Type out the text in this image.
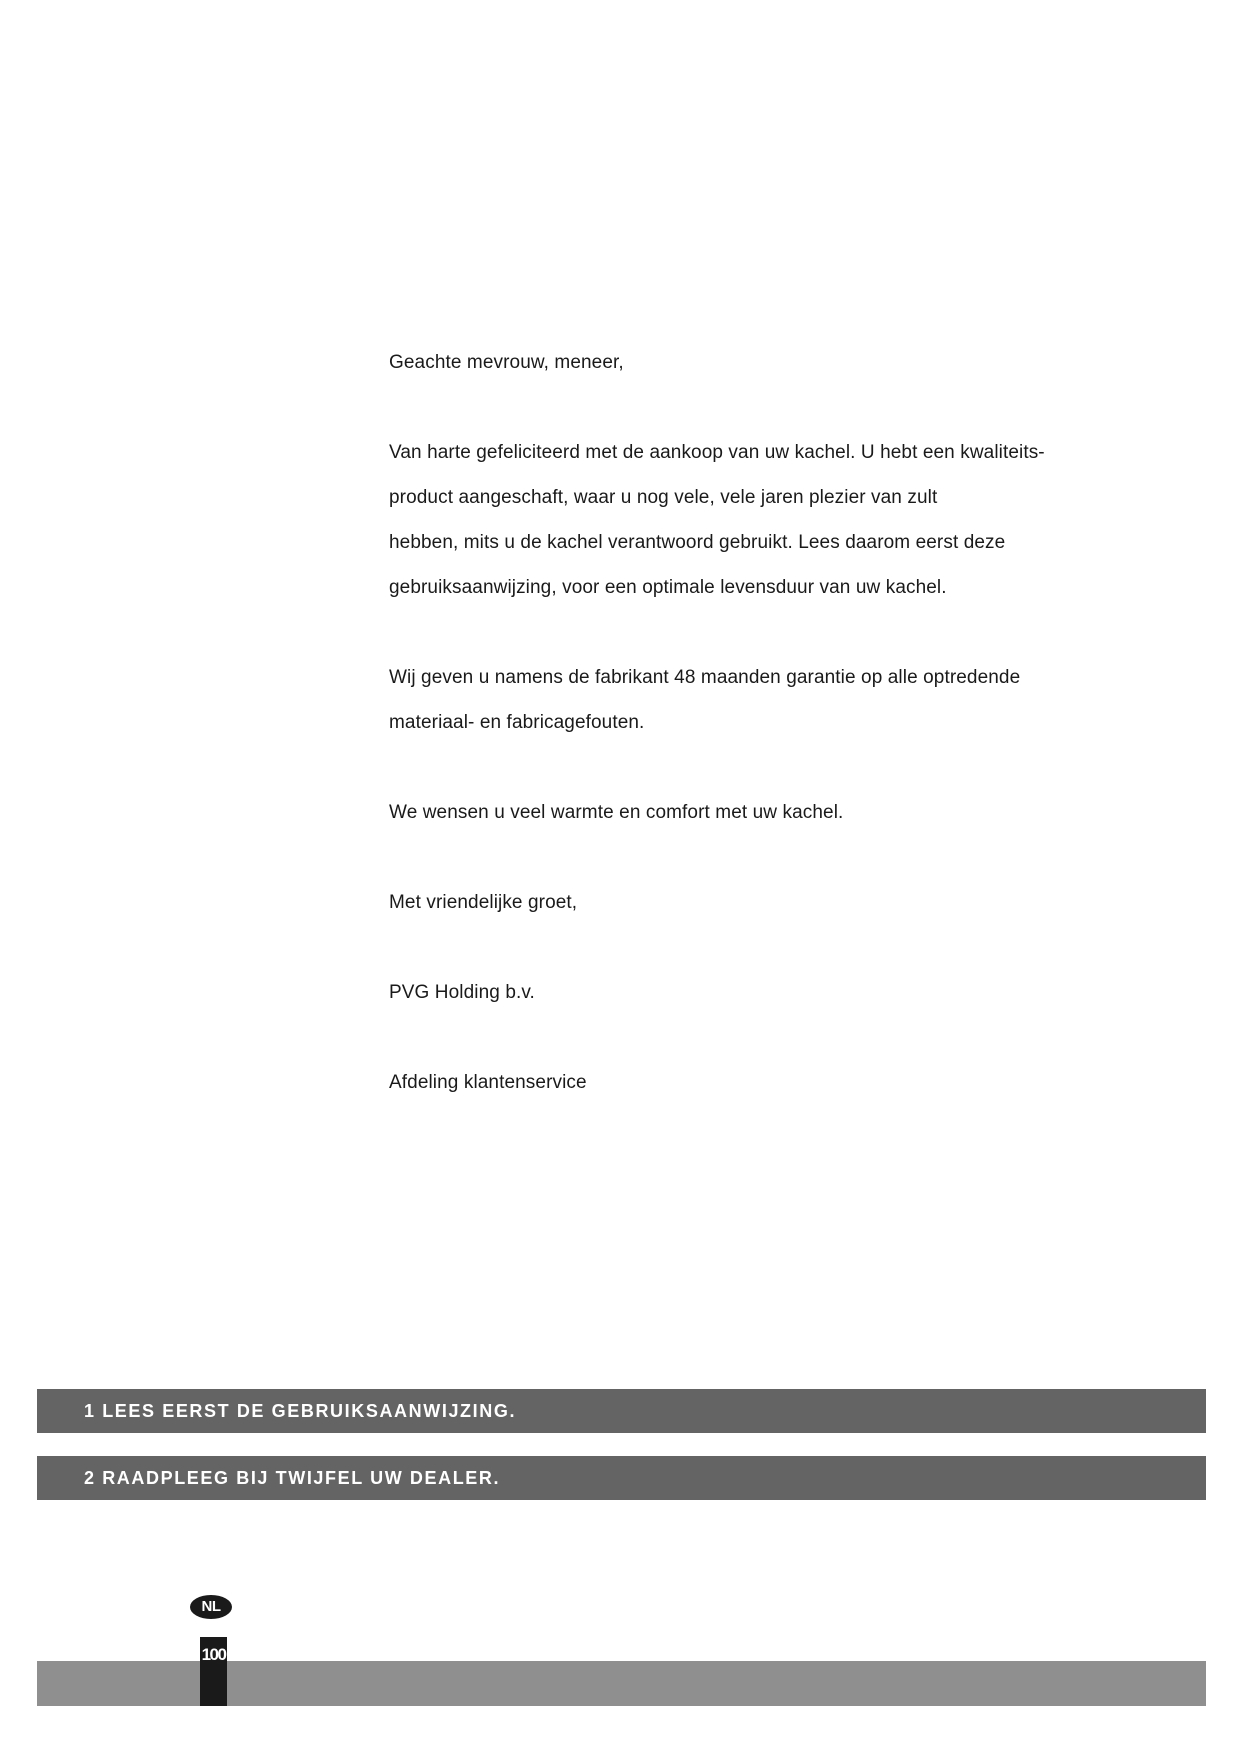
Geachte mevrouw, meneer,

Van harte gefeliciteerd met de aankoop van uw kachel. U hebt een kwaliteits-

product aangeschaft, waar u nog vele, vele jaren plezier van zult

hebben, mits u de kachel verantwoord gebruikt. Lees daarom eerst deze

gebruiksaanwijzing, voor een optimale levensduur van uw kachel.

Wij geven u namens de fabrikant 48 maanden garantie op alle optredende

materiaal- en fabricagefouten.

We wensen u veel warmte en comfort met uw kachel.

Met vriendelijke groet,

PVG Holding b.v.

Afdeling klantenservice

1 LEES EERST DE GEBRUIKSAANWIJZING.
2 RAADPLEEG BIJ TWIJFEL UW DEALER.
NL
100
